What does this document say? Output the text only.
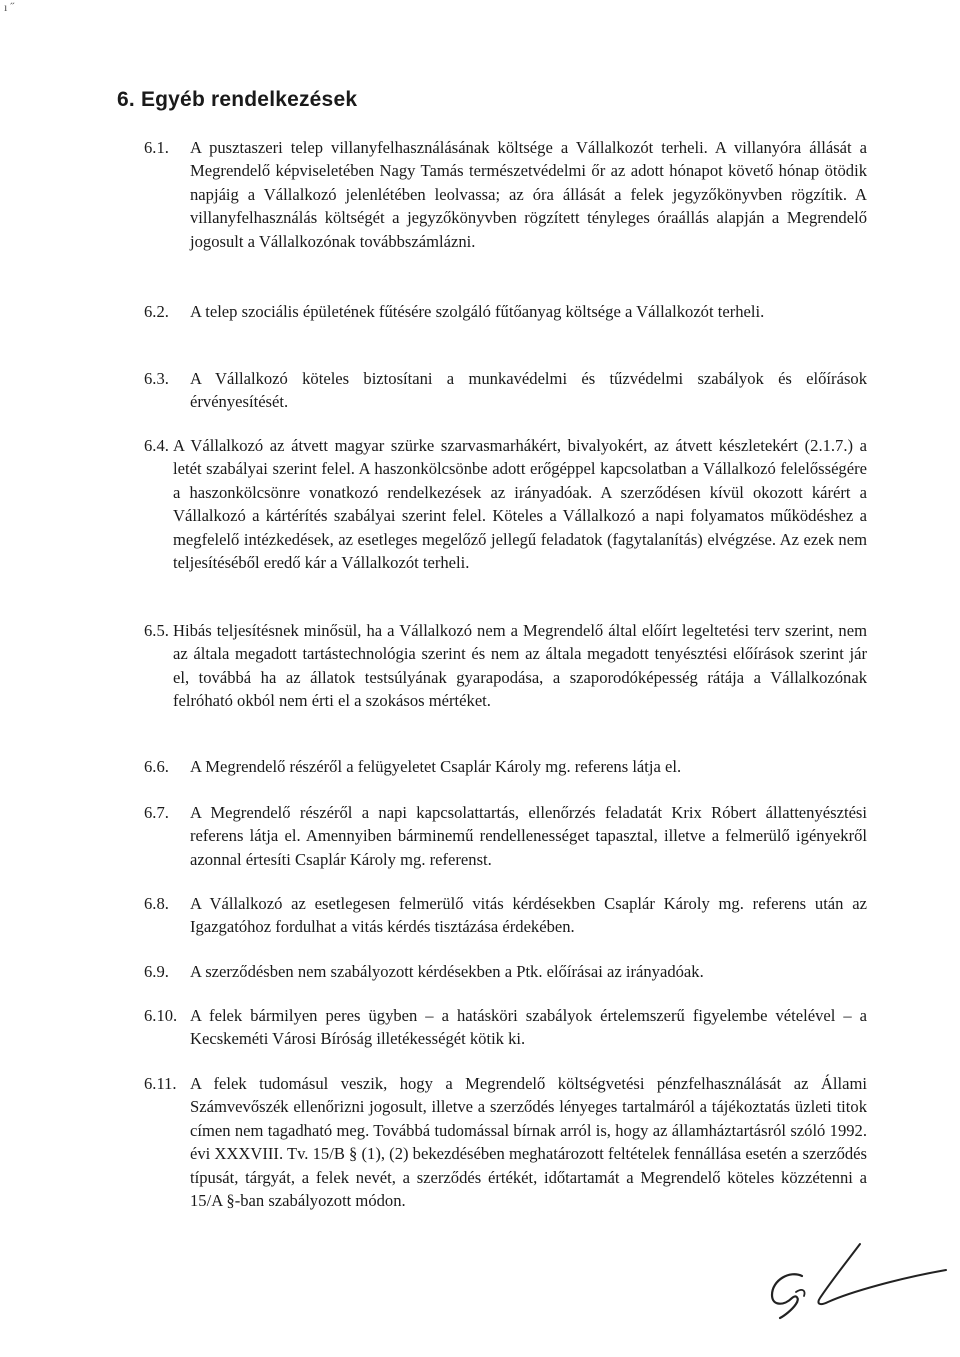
6. Egyéb rendelkezések
6.1. A pusztaszeri telep villanyfelhasználásának költsége a Vállalkozót terheli. A villanyóra állását a Megrendelő képviseletében Nagy Tamás természetvédelmi őr az adott hónapot követő hónap ötödik napjáig a Vállalkozó jelenlétében leolvassa; az óra állását a felek jegyzőkönyvben rögzítik. A villanyfelhasználás költségét a jegyzőkönyvben rögzített tényleges óraállás alapján a Megrendelő jogosult a Vállalkozónak továbbszámlázni.
6.2. A telep szociális épületének fűtésére szolgáló fűtőanyag költsége a Vállalkozót terheli.
6.3. A Vállalkozó köteles biztosítani a munkavédelmi és tűzvédelmi szabályok és előírások érvényesítését.
6.4. A Vállalkozó az átvett magyar szürke szarvasmarhákért, bivalyokért, az átvett készletekért (2.1.7.) a letét szabályai szerint felel. A haszonkölcsönbe adott erőgéppel kapcsolatban a Vállalkozó felelősségére a haszonkölcsönre vonatkozó rendelkezések az irányadóak. A szerződésen kívül okozott kárért a Vállalkozó a kártérítés szabályai szerint felel. Köteles a Vállalkozó a napi folyamatos működéshez a megfelelő intézkedések, az esetleges megelőző jellegű feladatok (fagytalanítás) elvégzése. Az ezek nem teljesítéséből eredő kár a Vállalkozót terheli.
6.5. Hibás teljesítésnek minősül, ha a Vállalkozó nem a Megrendelő által előírt legeltetési terv szerint, nem az általa megadott tartástechnológia szerint és nem az általa megadott tenyésztési előírások szerint jár el, továbbá ha az állatok testsúlyának gyarapodása, a szaporodóképesség rátája a Vállalkozónak felróható okból nem érti el a szokásos mértéket.
6.6. A Megrendelő részéről a felügyeletet Csaplár Károly mg. referens látja el.
6.7. A Megrendelő részéről a napi kapcsolattartás, ellenőrzés feladatát Krix Róbert állattenyésztési referens látja el. Amennyiben bárminemű rendellenességet tapasztal, illetve a felmerülő igényekről azonnal értesíti Csaplár Károly mg. referenst.
6.8. A Vállalkozó az esetlegesen felmerülő vitás kérdésekben Csaplár Károly mg. referens után az Igazgatóhoz fordulhat a vitás kérdés tisztázása érdekében.
6.9. A szerződésben nem szabályozott kérdésekben a Ptk. előírásai az irányadóak.
6.10. A felek bármilyen peres ügyben – a hatásköri szabályok értelemszerű figyelembe vételével – a Kecskeméti Városi Bíróság illetékességét kötik ki.
6.11. A felek tudomásul veszik, hogy a Megrendelő költségvetési pénzfelhasználását az Állami Számvevőszék ellenőrizni jogosult, illetve a szerződés lényeges tartalmáról a tájékoztatás üzleti titok címen nem tagadható meg. Továbbá tudomással bírnak arról is, hogy az államháztartásról szóló 1992. évi XXXVIII. Tv. 15/B § (1), (2) bekezdésében meghatározott feltételek fennállása esetén a szerződés típusát, tárgyát, a felek nevét, a szerződés értékét, időtartamát a Megrendelő köteles közzétenni a 15/A §-ban szabályozott módon.
ı ˝
